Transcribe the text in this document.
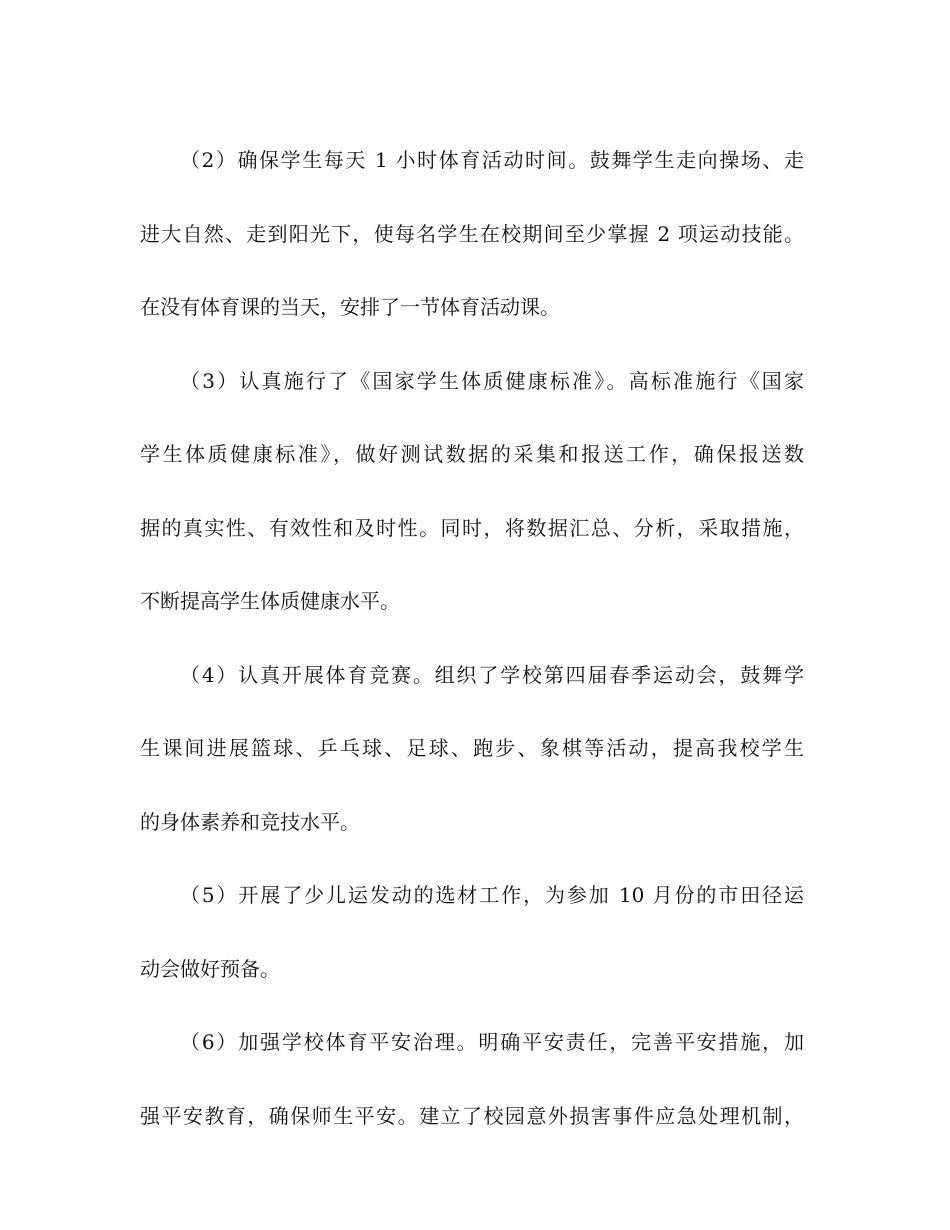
（2）确保学生每天 1 小时体育活动时间。鼓舞学生走向操场、走
进大自然、走到阳光下，使每名学生在校期间至少掌握 2 项运动技能。
在没有体育课的当天，安排了一节体育活动课。
（3）认真施行了《国家学生体质健康标准》。高标准施行《国家
学生体质健康标准》，做好测试数据的采集和报送工作，确保报送数
据的真实性、有效性和及时性。同时，将数据汇总、分析，采取措施，
不断提高学生体质健康水平。
（4）认真开展体育竞赛。组织了学校第四届春季运动会，鼓舞学
生课间进展篮球、乒乓球、足球、跑步、象棋等活动，提高我校学生
的身体素养和竞技水平。
（5）开展了少儿运发动的选材工作，为参加 10 月份的市田径运
动会做好预备。
（6）加强学校体育平安治理。明确平安责任，完善平安措施，加
强平安教育，确保师生平安。建立了校园意外损害事件应急处理机制，
